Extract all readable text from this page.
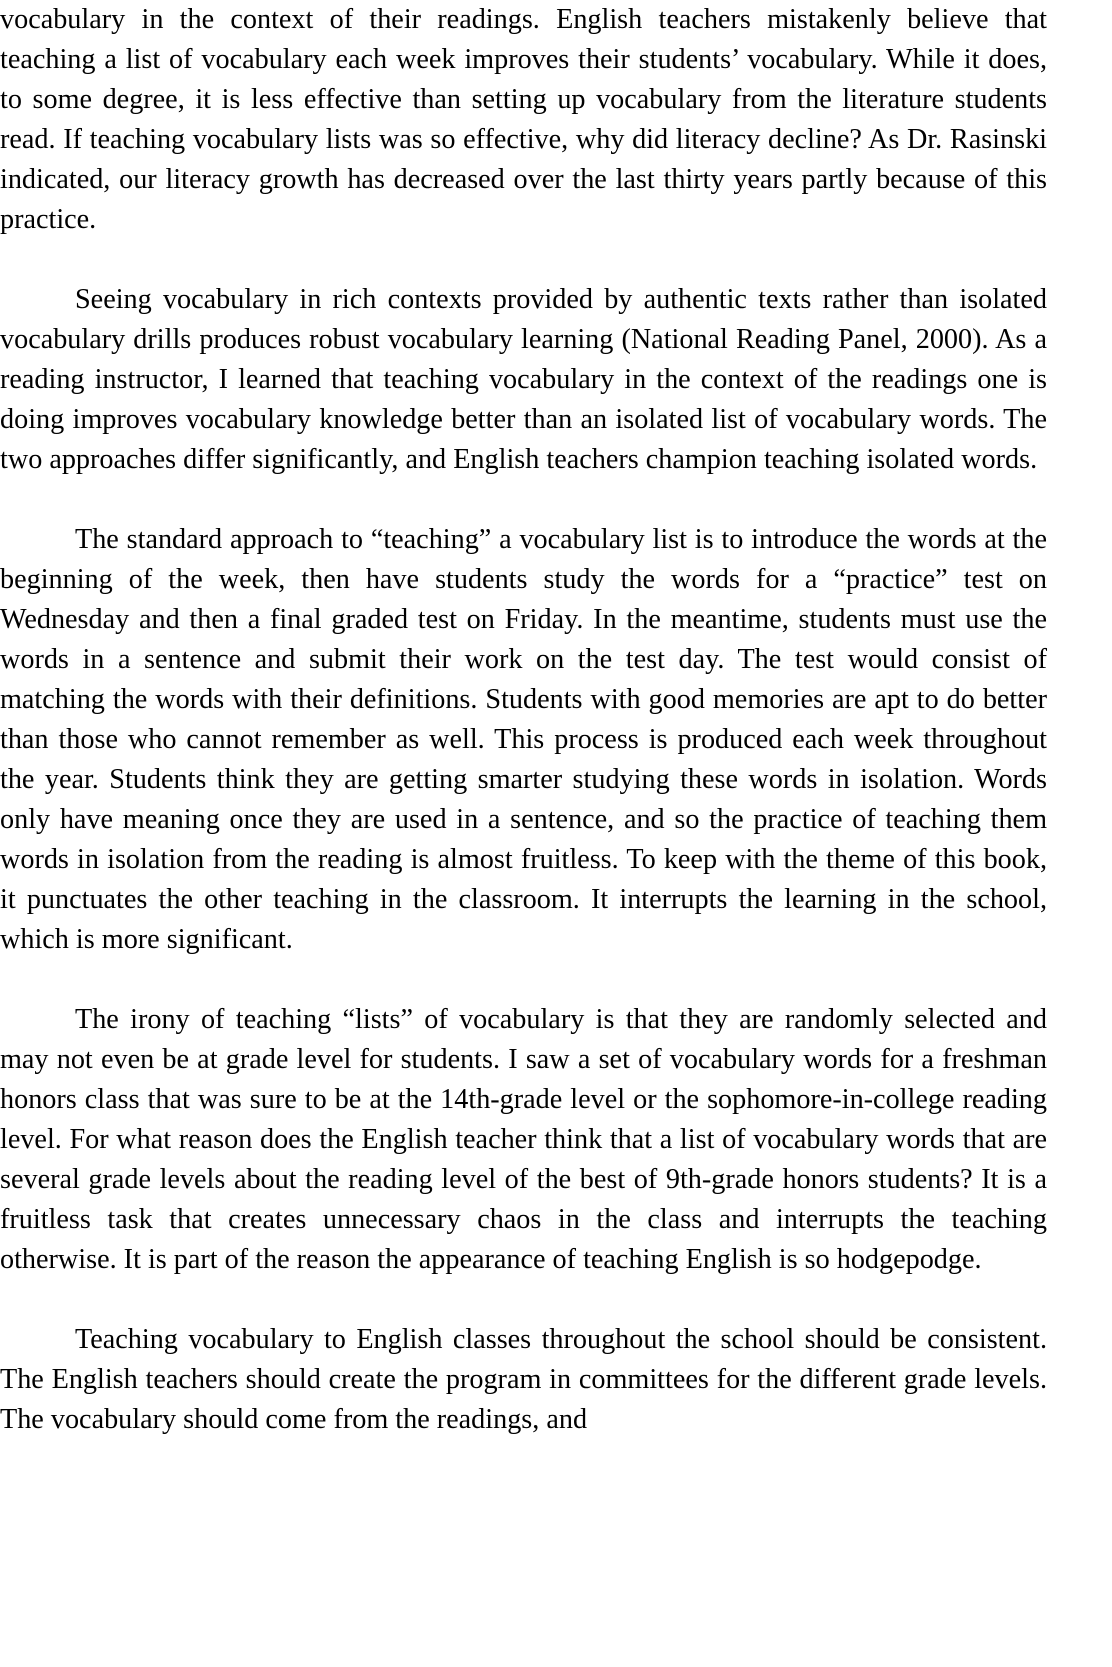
vocabulary in the context of their readings. English teachers mistakenly believe that teaching a list of vocabulary each week improves their students’ vocabulary. While it does, to some degree, it is less effective than setting up vocabulary from the literature students read. If teaching vocabulary lists was so effective, why did literacy decline? As Dr. Rasinski indicated, our literacy growth has decreased over the last thirty years partly because of this practice.

Seeing vocabulary in rich contexts provided by authentic texts rather than isolated vocabulary drills produces robust vocabulary learning (National Reading Panel, 2000). As a reading instructor, I learned that teaching vocabulary in the context of the readings one is doing improves vocabulary knowledge better than an isolated list of vocabulary words. The two approaches differ significantly, and English teachers champion teaching isolated words.

The standard approach to “teaching” a vocabulary list is to introduce the words at the beginning of the week, then have students study the words for a “practice” test on Wednesday and then a final graded test on Friday. In the meantime, students must use the words in a sentence and submit their work on the test day. The test would consist of matching the words with their definitions. Students with good memories are apt to do better than those who cannot remember as well. This process is produced each week throughout the year. Students think they are getting smarter studying these words in isolation. Words only have meaning once they are used in a sentence, and so the practice of teaching them words in isolation from the reading is almost fruitless. To keep with the theme of this book, it punctuates the other teaching in the classroom. It interrupts the learning in the school, which is more significant.

The irony of teaching “lists” of vocabulary is that they are randomly selected and may not even be at grade level for students. I saw a set of vocabulary words for a freshman honors class that was sure to be at the 14th-grade level or the sophomore-in-college reading level. For what reason does the English teacher think that a list of vocabulary words that are several grade levels about the reading level of the best of 9th-grade honors students? It is a fruitless task that creates unnecessary chaos in the class and interrupts the teaching otherwise. It is part of the reason the appearance of teaching English is so hodgepodge.

Teaching vocabulary to English classes throughout the school should be consistent. The English teachers should create the program in committees for the different grade levels. The vocabulary should come from the readings, and
